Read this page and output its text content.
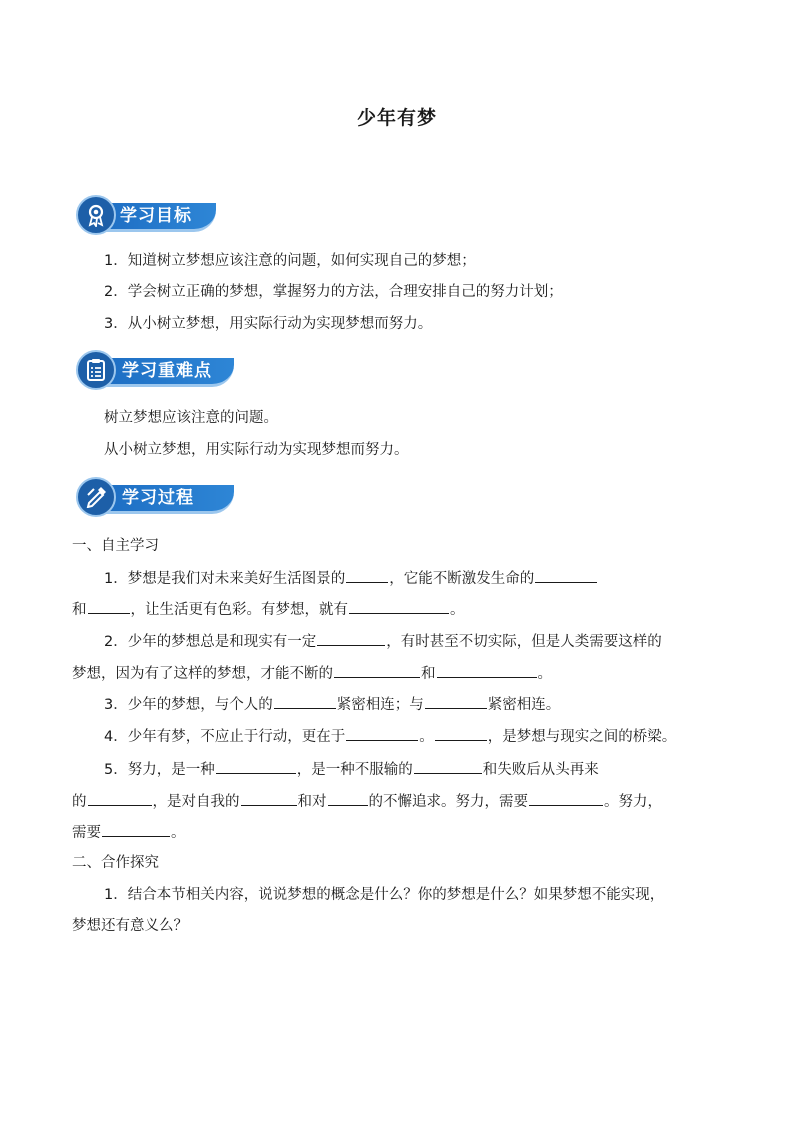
少年有梦
学习目标
1．知道树立梦想应该注意的问题，如何实现自己的梦想；
2．学会树立正确的梦想，掌握努力的方法，合理安排自己的努力计划；
3．从小树立梦想，用实际行动为实现梦想而努力。
学习重难点
树立梦想应该注意的问题。
从小树立梦想，用实际行动为实现梦想而努力。
学习过程
一、自主学习
1．梦想是我们对未来美好生活图景的	，它能不断激发生命的
和	，让生活更有色彩。有梦想，就有	。
2．少年的梦想总是和现实有一定	，有时甚至不切实际，但是人类需要这样的
梦想，因为有了这样的梦想，才能不断的	和	。
3．少年的梦想，与个人的	紧密相连；与	紧密相连。
4．少年有梦，不应止于行动，更在于	。	，是梦想与现实之间的桥梁。
5．努力，是一种	，是一种不服输的	和失败后从头再来
的	，是对自我的	和对	的不懈追求。努力，需要	。努力，
需要	。
二、合作探究
1．结合本节相关内容，说说梦想的概念是什么？你的梦想是什么？如果梦想不能实现，
梦想还有意义么？
